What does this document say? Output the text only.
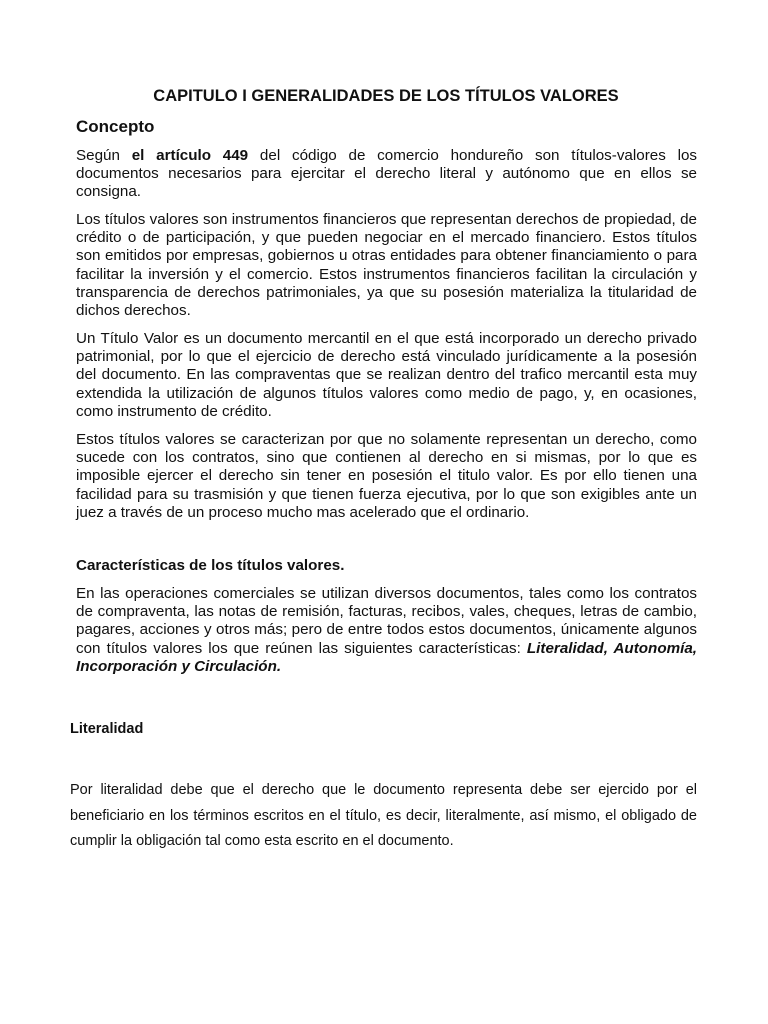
CAPITULO I GENERALIDADES DE LOS TÍTULOS VALORES
Concepto

Según el artículo 449 del código de comercio hondureño son títulos-valores los documentos necesarios para ejercitar el derecho literal y autónomo que en ellos se consigna.

Los títulos valores son instrumentos financieros que representan derechos de propiedad, de crédito o de participación, y que pueden negociar en el mercado financiero. Estos títulos son emitidos por empresas, gobiernos u otras entidades para obtener financiamiento o para facilitar la inversión y el comercio. Estos instrumentos financieros facilitan la circulación y transparencia de derechos patrimoniales, ya que su posesión materializa la titularidad de dichos derechos.

Un Título Valor es un documento mercantil en el que está incorporado un derecho privado patrimonial, por lo que el ejercicio de derecho está vinculado jurídicamente a la posesión del documento. En las compraventas que se realizan dentro del trafico mercantil esta muy extendida la utilización de algunos títulos valores como medio de pago, y, en ocasiones, como instrumento de crédito.

Estos títulos valores se caracterizan por que no solamente representan un derecho, como sucede con los contratos, sino que contienen al derecho en si mismas, por lo que es imposible ejercer el derecho sin tener en posesión el titulo valor. Es por ello tienen una facilidad para su trasmisión y que tienen fuerza ejecutiva, por lo que son exigibles ante un juez a través de un proceso mucho mas acelerado que el ordinario.

Características de los títulos valores.

En las operaciones comerciales se utilizan diversos documentos, tales como los contratos de compraventa, las notas de remisión, facturas, recibos, vales, cheques, letras de cambio, pagares, acciones y otros más; pero de entre todos estos documentos, únicamente algunos con títulos valores los que reúnen las siguientes características: Literalidad, Autonomía, Incorporación y Circulación.

Literalidad

Por literalidad debe que el derecho que le documento representa debe ser ejercido por el beneficiario en los términos escritos en el título, es decir, literalmente, así mismo, el obligado de cumplir la obligación tal como esta escrito en el documento.
